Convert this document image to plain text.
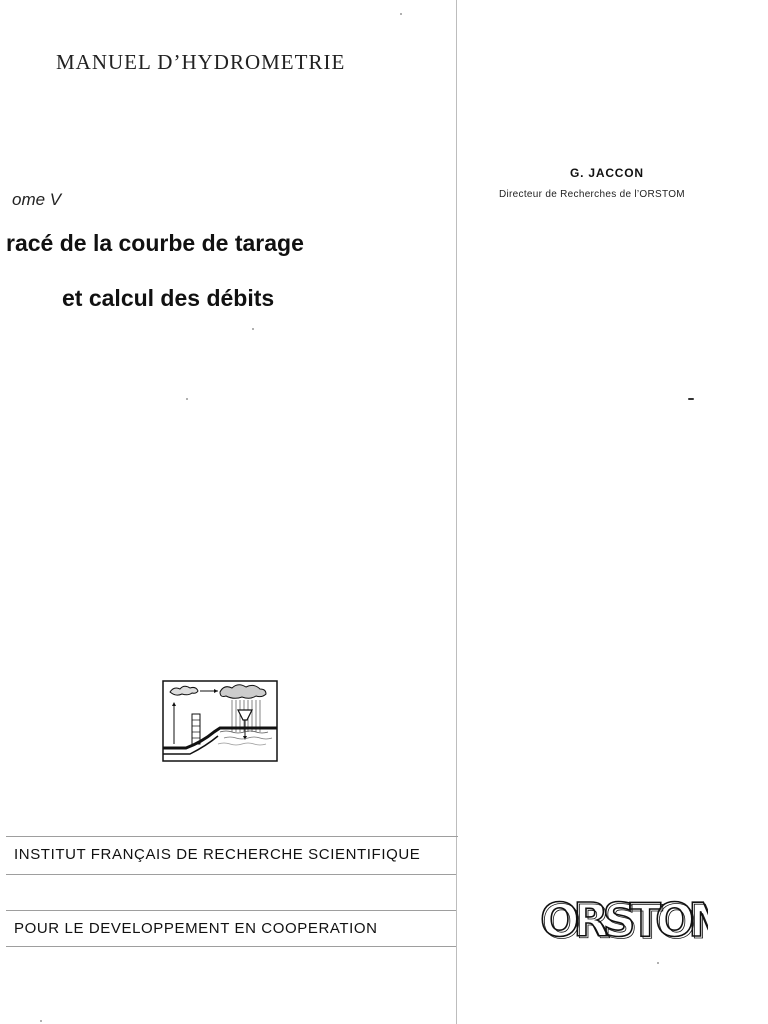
MANUEL D’HYDROMETRIE
ome V
racé de la courbe de tarage
et calcul des débits
G. JACCON
Directeur de Recherches de l’ORSTOM
INSTITUT FRANÇAIS DE RECHERCHE SCIENTIFIQUE
POUR LE DEVELOPPEMENT EN COOPERATION	ORSTO
ORSTO
